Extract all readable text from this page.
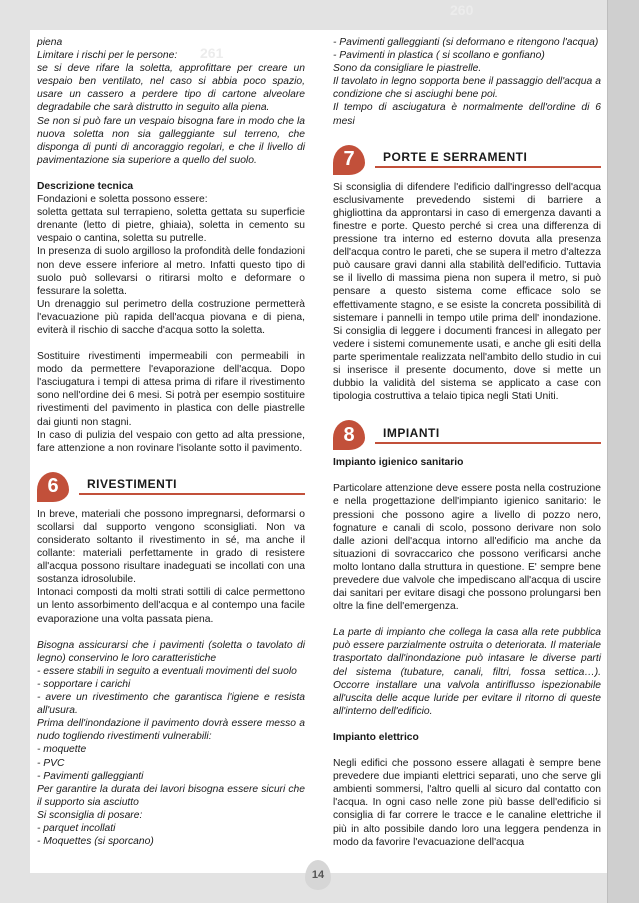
260
261

piena

Limitare i rischi per le persone:

se si deve rifare la soletta, approfittare per creare un vespaio ben ventilato, nel caso si abbia poco spazio, usare un cassero a perdere tipo di cartone alveolare degradabile che sarà distrutto in seguito alla piena.

Se non si può fare un vespaio bisogna fare in modo che la nuova soletta non sia galleggiante sul terreno, che disponga di punti di ancoraggio regolari, e che il livello di pavimentazione sia superiore a quello del suolo.

Descrizione tecnica

Fondazioni e soletta possono essere:

soletta gettata sul terrapieno, soletta gettata su superficie drenante (letto di pietre, ghiaia), soletta in cemento su vespaio o cantina, soletta su putrelle.

In presenza di suolo argilloso la profondità delle fondazioni non deve essere inferiore al metro. Infatti questo tipo di suolo può sollevarsi o ritirarsi molto e deformare o fessurare la soletta.

Un drenaggio sul perimetro della costruzione permetterà l'evacuazione più rapida dell'acqua piovana e di piena, eviterà il rischio di sacche d'acqua sotto la soletta.

Sostituire rivestimenti impermeabili con permeabili in modo da permettere l'evaporazione dell'acqua. Dopo l'asciugatura i tempi di attesa prima di rifare il rivestimento sono nell'ordine dei 6 mesi. Si potrà per esempio sostituire rivestimenti del pavimento in plastica con delle piastrelle dai giunti non stagni.

In caso di pulizia del vespaio con getto ad alta pressione, fare attenzione a non rovinare l'isolante sotto il pavimento.

6	RIVESTIMENTI

In breve, materiali che possono impregnarsi, deformarsi o scollarsi dal supporto vengono sconsigliati. Non va considerato soltanto il rivestimento in sé, ma anche il collante: materiali perfettamente in grado di resistere all'acqua possono risultare inadeguati se incollati con una sostanza idrosolubile.

Intonaci composti da molti strati sottili di calce permettono un lento assorbimento dell'acqua e al contempo una facile evaporazione una volta passata piena.

Bisogna assicurarsi che i pavimenti (soletta o tavolato di legno) conservino le loro caratteristiche

- essere stabili in seguito a eventuali movimenti del suolo

- sopportare i carichi

- avere un rivestimento che garantisca l'igiene e resista all'usura.

Prima dell'inondazione il pavimento dovrà essere messo a nudo togliendo rivestimenti vulnerabili:

- moquette

- PVC

- Pavimenti galleggianti

Per garantire la durata dei lavori bisogna essere sicuri che il supporto sia asciutto

Si sconsiglia di posare:

- parquet incollati

- Moquettes (si sporcano)

- Pavimenti galleggianti (si deformano e ritengono l'acqua)

- Pavimenti in plastica ( si scollano e gonfiano)

Sono da consigliare le piastrelle.

Il tavolato in legno sopporta bene il passaggio dell'acqua a condizione che si asciughi bene poi.

Il tempo di asciugatura è normalmente dell'ordine di 6 mesi

7	PORTE E SERRAMENTI

Si sconsiglia di difendere l'edificio dall'ingresso dell'acqua esclusivamente prevedendo sistemi di barriere a ghigliottina da approntarsi in caso di emergenza davanti a finestre e porte. Questo perché si crea una differenza di pressione tra interno ed esterno dovuta alla presenza dell'acqua contro le pareti, che se supera il metro d'altezza può causare gravi danni alla stabilità dell'edificio. Tuttavia se il livello di massima piena non supera il metro, si può pensare a questo sistema come efficace solo se effettivamente stagno, e se esiste la concreta possibilità di sistemare i pannelli in tempo utile prima dell' inondazione. Si consiglia di leggere i documenti francesi in allegato per vedere i sistemi comunemente usati, e anche gli esiti della parte sperimentale realizzata nell'ambito dello studio in cui si inserisce il presente documento, dove si mette un dubbio la validità del sistema se applicato a case con tipologia costruttiva a telaio tipica negli Stati Uniti.

8	IMPIANTI

Impianto igienico sanitario

Particolare attenzione deve essere posta nella costruzione e nella progettazione dell'impianto igienico sanitario: le pressioni che possono agire a livello di pozzo nero, fognature e canali di scolo, possono derivare non solo dalle azioni dell'acqua intorno all'edificio ma anche da situazioni di sovraccarico che possono verificarsi anche molto lontano dalla struttura in questione. E' sempre bene prevedere due valvole che impediscano all'acqua di uscire dai sanitari per evitare disagi che possono prolungarsi ben oltre la fine dell'emergenza.

La parte di impianto che collega la casa alla rete pubblica può essere parzialmente ostruita o deteriorata. Il materiale trasportato dall'inondazione può intasare le diverse parti del sistema (tubature, canali, filtri, fossa settica…). Occorre installare una valvola antiriflusso ispezionabile all'uscita delle acque luride per evitare il ritorno di queste all'interno dell'edificio.

Impianto elettrico

Negli edifici che possono essere allagati è sempre bene prevedere due impianti elettrici separati, uno che serve gli ambienti sommersi, l'altro quelli al sicuro dal contatto con l'acqua. In ogni caso nelle zone più basse dell'edificio si consiglia di far correre le tracce e le canaline elettriche il più in alto possibile dando loro una leggera pendenza in modo da favorire l'evacuazione dell'acqua

14
